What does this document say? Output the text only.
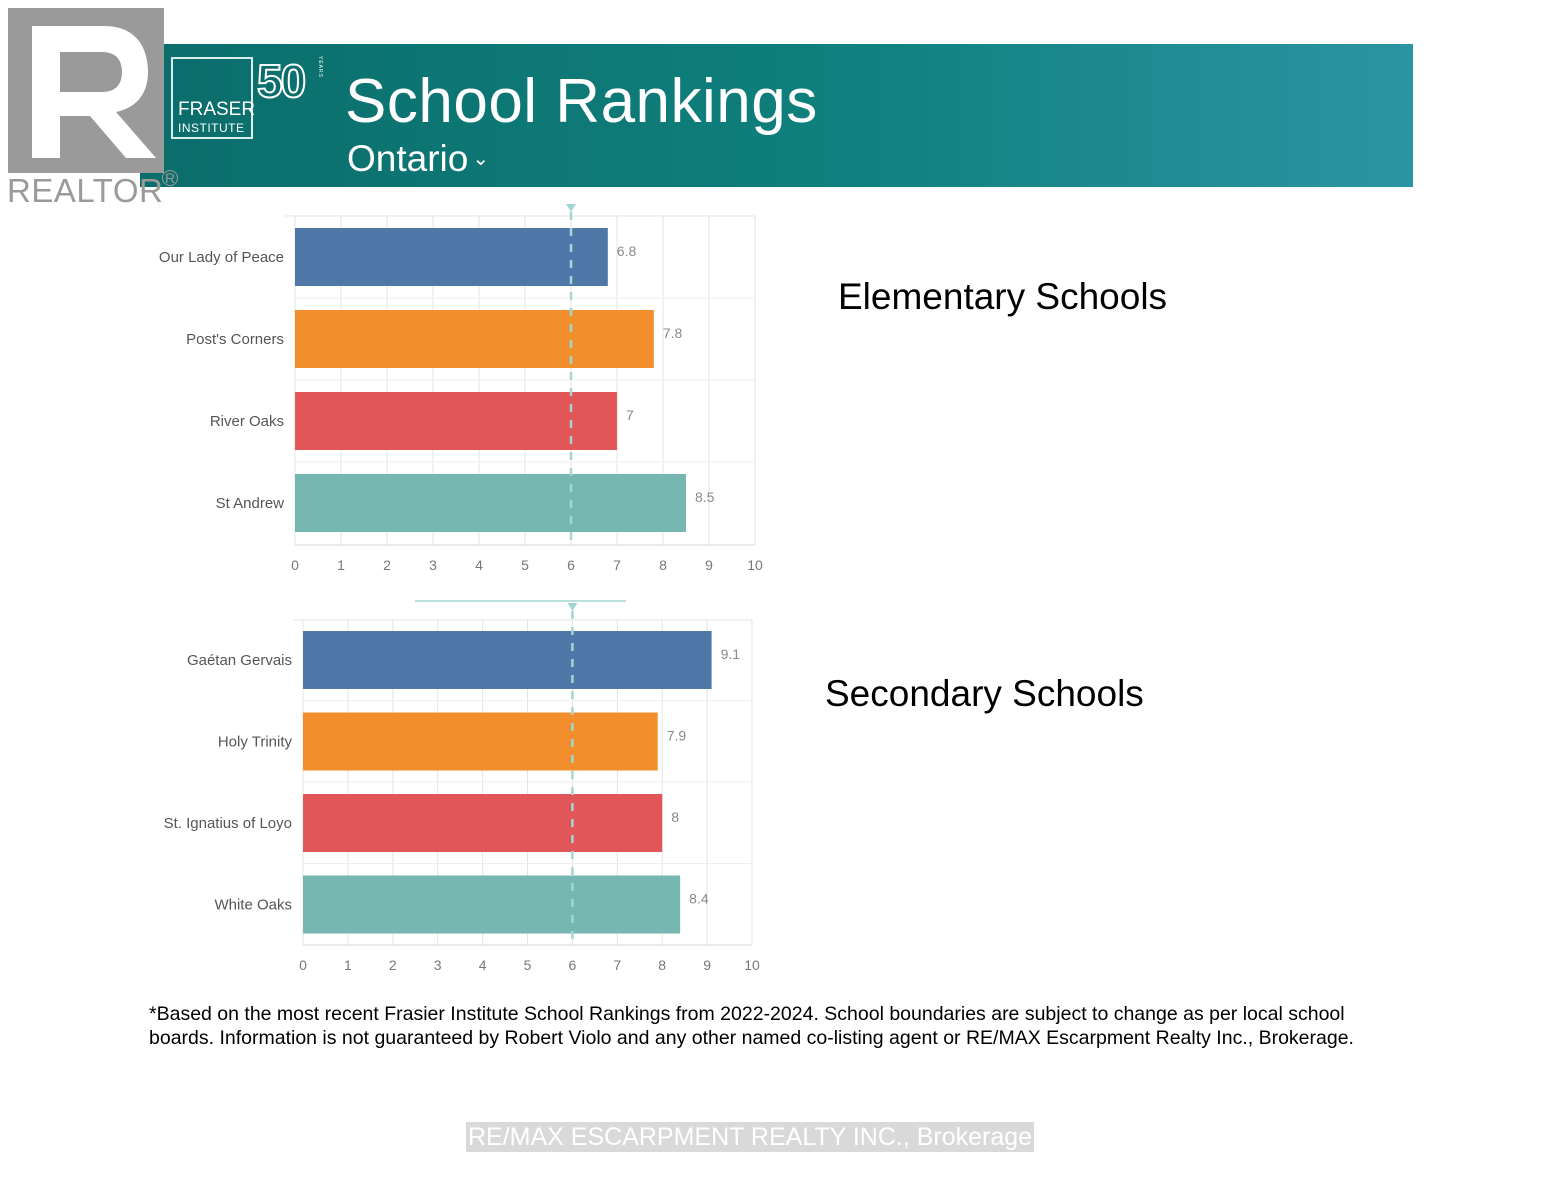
FRASER
INSTITUTE
50	YEARS
School Rankings
Ontario ⌄
REALTOR R
6.8
Our Lady of Peace
7.8
Post's Corners
7
River Oaks
8.5
St Andrew
0	1	2	3	4	5	6	7	8	9 10
9.1
Gaétan Gervais
7.9
Holy Trinity
8
St. Ignatius of Loyo
8.4
White Oaks
0	1	2	3	4	5	6	7	8	9 10
Elementary Schools
Secondary Schools
*Based on the most recent Frasier Institute School Rankings from 2022-2024. School boundaries are subject to change as per local school boards. Information is not guaranteed by Robert Violo and any other named co-listing agent or RE/MAX Escarpment Realty Inc., Brokerage.
RE/MAX ESCARPMENT REALTY INC., Brokerage
